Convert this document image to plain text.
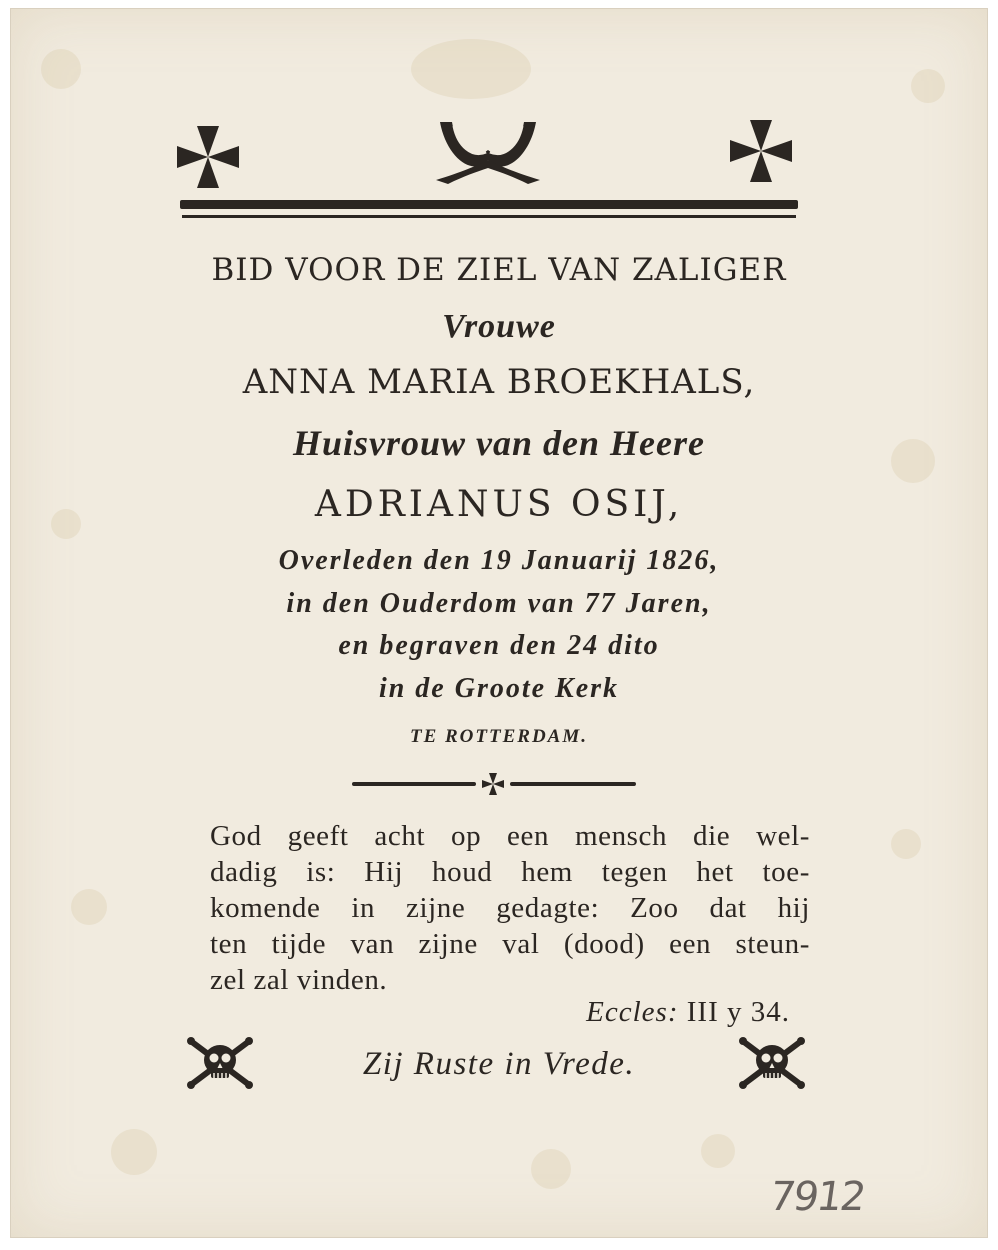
BID VOOR DE ZIEL VAN ZALIGER
Vrouwe
ANNA MARIA BROEKHALS,
Huisvrouw van den Heere
ADRIANUS OSIJ,
Overleden den 19 Januarij 1826,
in den Ouderdom van 77 Jaren,
en begraven den 24 dito
in de Groote Kerk
TE ROTTERDAM.
God geeft acht op een mensch die wel-
dadig is: Hij houd hem tegen het toe-
komende in zijne gedagte: Zoo dat hij
ten tijde van zijne val (dood) een steun-
zel zal vinden.
Eccles: III y 34.
Zij Ruste in Vrede.
7912
